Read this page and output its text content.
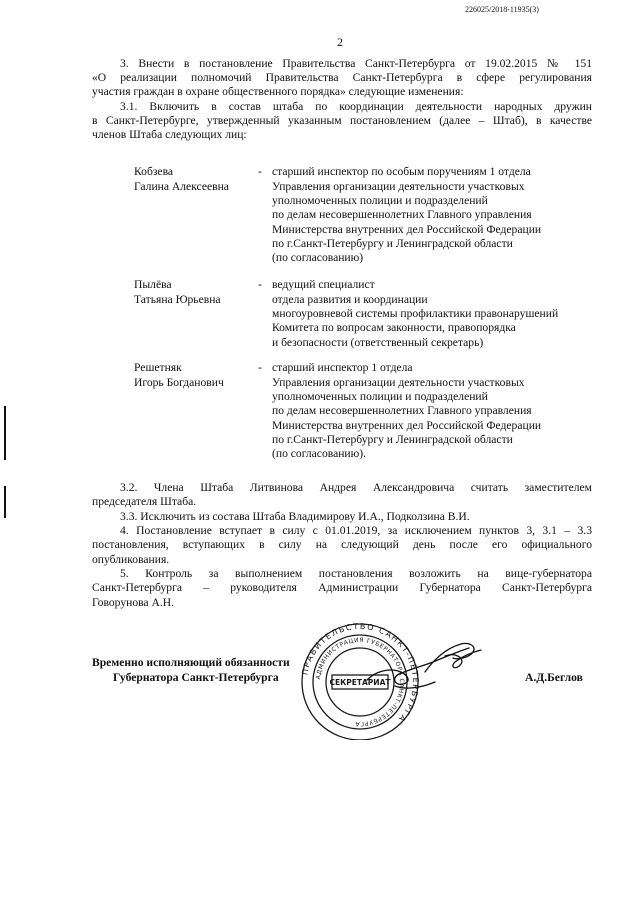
226025/2018-11935(3)
2
3. Внести в постановление Правительства Санкт-Петербурга от 19.02.2015 № 151
«О реализации полномочий Правительства Санкт-Петербурга в сфере регулирования
участия граждан в охране общественного порядка» следующие изменения:
3.1. Включить в состав штаба по координации деятельности народных дружин
в Санкт-Петербурге, утвержденный указанным постановлением (далее – Штаб), в качестве
членов Штаба следующих лиц:
Кобзева
Галина Алексеевна
- старший инспектор по особым поручениям 1 отдела
Управления организации деятельности участковых
уполномоченных полиции и подразделений
по делам несовершеннолетних Главного управления
Министерства внутренних дел Российской Федерации
по г.Санкт-Петербургу и Ленинградской области
(по согласованию)
Пылёва
Татьяна Юрьевна
- ведущий специалист
отдела развития и координации
многоуровневой системы профилактики правонарушений
Комитета по вопросам законности, правопорядка
и безопасности (ответственный секретарь)
Решетняк
Игорь Богданович
- старший инспектор 1 отдела
Управления организации деятельности участковых
уполномоченных полиции и подразделений
по делам несовершеннолетних Главного управления
Министерства внутренних дел Российской Федерации
по г.Санкт-Петербургу и Ленинградской области
(по согласованию).
3.2. Члена Штаба Литвинова Андрея Александровича считать заместителем
председателя Штаба.
3.3. Исключить из состава Штаба Владимирову И.А., Подколзина В.И.
4. Постановление вступает в силу с 01.01.2019, за исключением пунктов 3, 3.1 – 3.3
постановления, вступающих в силу на следующий день после его официального
опубликования.
5. Контроль за выполнением постановления возложить на вице-губернатора
Санкт-Петербурга – руководителя Администрации Губернатора Санкт-Петербурга
Говорунова А.Н.
ПРАВИТЕЛЬСТВО САНКТ-ПЕТЕРБУРГА
АДМИНИСТРАЦИЯ ГУБЕРНАТОРА САНКТ-ПЕТЕРБУРГА
СЕКРЕТАРИАТ
Временно исполняющий обязанности
Губернатора Санкт-Петербурга	А.Д.Беглов
